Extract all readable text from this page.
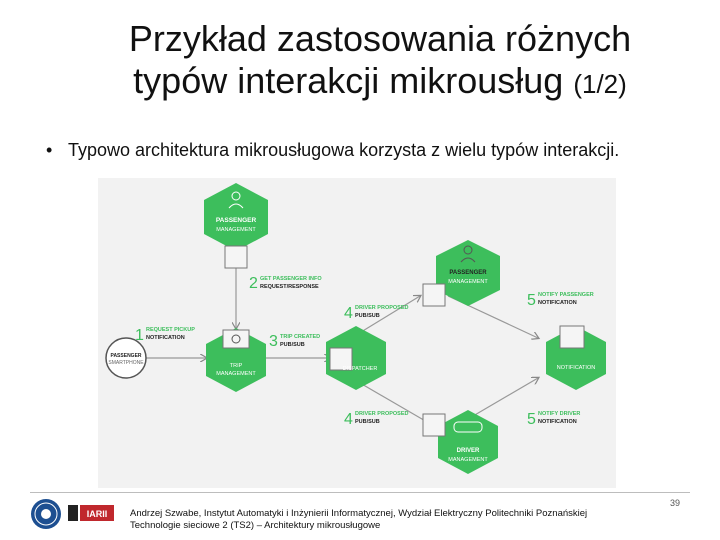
Przykład zastosowania różnych
typów interakcji mikrousług (1/2)
• Typowo architektura mikrousługowa korzysta z wielu typów interakcji.
PASSENGER
SMARTPHONE
PASSENGER
MANAGEMENT
TRIP
MANAGEMENT
DISPATCHER
PASSENGER
MANAGEMENT
NOTIFICATION
DRIVER
MANAGEMENT
1 REQUEST PICKUP
NOTIFICATION
2 GET PASSENGER INFO
REQUEST/RESPONSE
3 TRIP CREATED
PUB/SUB
4 DRIVER PROPOSED
PUB/SUB
4 DRIVER PROPOSED
PUB/SUB
5 NOTIFY PASSENGER
NOTIFICATION
5 NOTIFY DRIVER
NOTIFICATION
IARII Andrzej Szwabe, Instytut Automatyki i Inżynierii Informatycznej, Wydział Elektryczny Politechniki Poznańskiej
Technologie sieciowe 2 (TS2) – Architektury mikrousługowe
39
